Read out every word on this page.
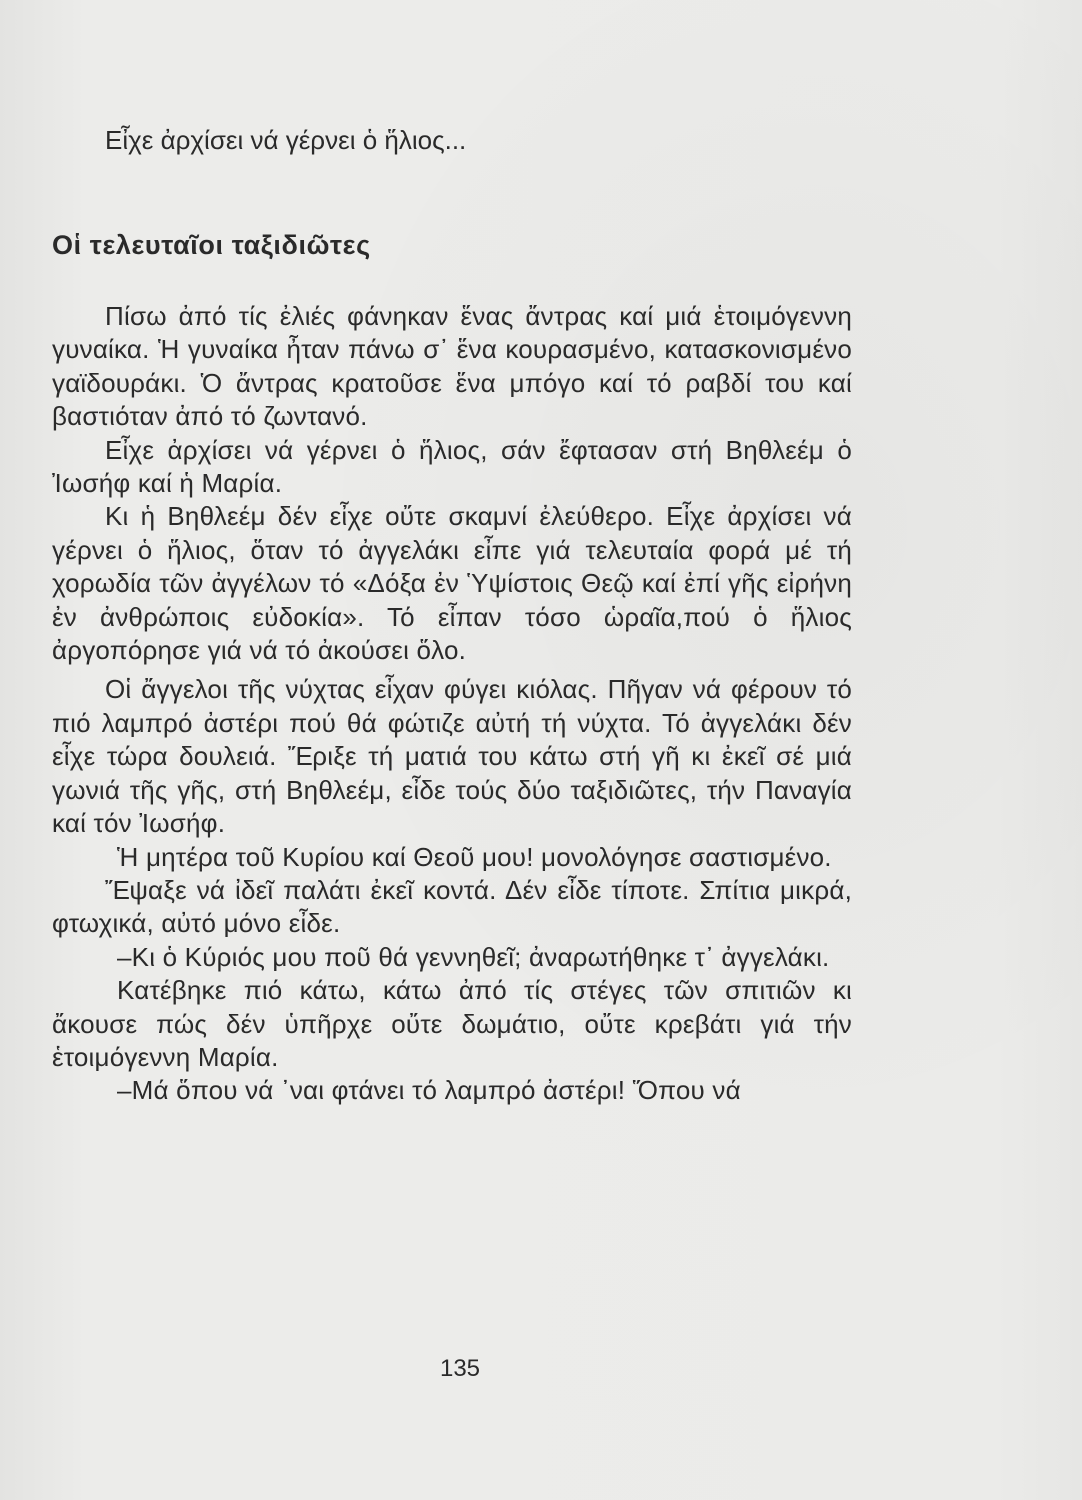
Εἶχε ἀρχίσει νά γέρνει ὁ ἥλιος...
Οἱ τελευταῖοι ταξιδιῶτες

Πίσω ἀπό τίς ἐλιές φάνηκαν ἕνας ἄντρας καί μιά ἑτοιμόγεννη γυναίκα. Ἡ γυναίκα ἦταν πάνω σ᾿ ἕνα κουρασμένο, κατασκονισμένο γαϊδουράκι. Ὁ ἄντρας κρατοῦσε ἕνα μπόγο καί τό ραβδί του καί βαστιόταν ἀπό τό ζωντανό.

Εἶχε ἀρχίσει νά γέρνει ὁ ἥλιος, σάν ἔφτασαν στή Βηθλεέμ ὁ Ἰωσήφ καί ἡ Μαρία.

Κι ἡ Βηθλεέμ δέν εἶχε οὔτε σκαμνί ἐλεύθερο. Εἶχε ἀρχίσει νά γέρνει ὁ ἥλιος, ὅταν τό ἀγγελάκι εἶπε γιά τελευταία φορά μέ τή χορωδία τῶν ἀγγέλων τό «Δόξα ἐν Ὑψίστοις Θεῷ καί ἐπί γῆς εἰρήνη ἐν ἀνθρώποις εὐδοκία». Τό εἶπαν τόσο ὡραῖα,πού ὁ ἥλιος ἀργοπόρησε γιά νά τό ἀκούσει ὅλο.

Οἱ ἄγγελοι τῆς νύχτας εἶχαν φύγει κιόλας. Πῆγαν νά φέρουν τό πιό λαμπρό ἀστέρι πού θά φώτιζε αὐτή τή νύχτα. Τό ἀγγελάκι δέν εἶχε τώρα δουλειά. Ἔριξε τή ματιά του κάτω στή γῆ κι ἐκεῖ σέ μιά γωνιά τῆς γῆς, στή Βηθλεέμ, εἶδε τούς δύο ταξιδιῶτες, τήν Παναγία καί τόν Ἰωσήφ.

Ἡ μητέρα τοῦ Κυρίου καί Θεοῦ μου! μονολόγησε σαστισμένο.

Ἔψαξε νά ἰδεῖ παλάτι ἐκεῖ κοντά. Δέν εἶδε τίποτε. Σπίτια μικρά, φτωχικά, αὐτό μόνο εἶδε.

–Κι ὁ Κύριός μου ποῦ θά γεννηθεῖ; ἀναρωτήθηκε τ᾿ ἀγγελάκι.

Κατέβηκε πιό κάτω, κάτω ἀπό τίς στέγες τῶν σπιτιῶν κι ἄκουσε πώς δέν ὑπῆρχε οὔτε δωμάτιο, οὔτε κρεβάτι γιά τήν ἑτοιμόγεννη Μαρία.

–Μά ὅπου νά ᾿ναι φτάνει τό λαμπρό ἀστέρι! Ὅπου νά

135
